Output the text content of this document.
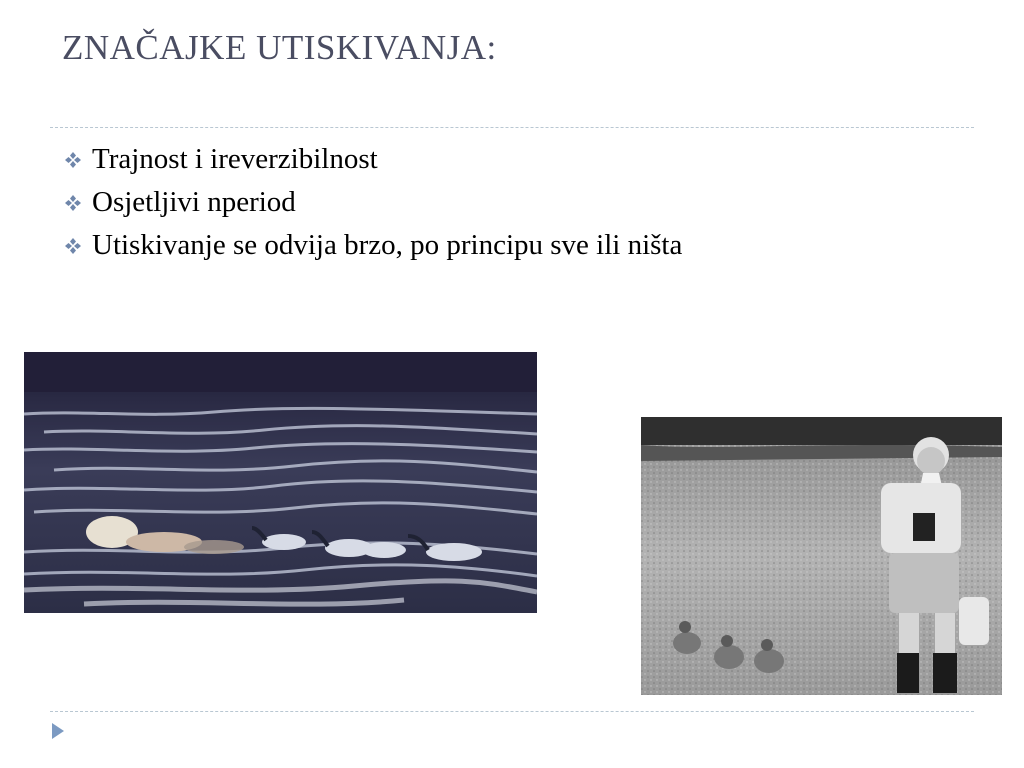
ZNAČAJKE UTISKIVANJA:
Trajnost i ireverzibilnost
Osjetljivi nperiod
Utiskivanje se odvija brzo, po principu sve ili ništa
